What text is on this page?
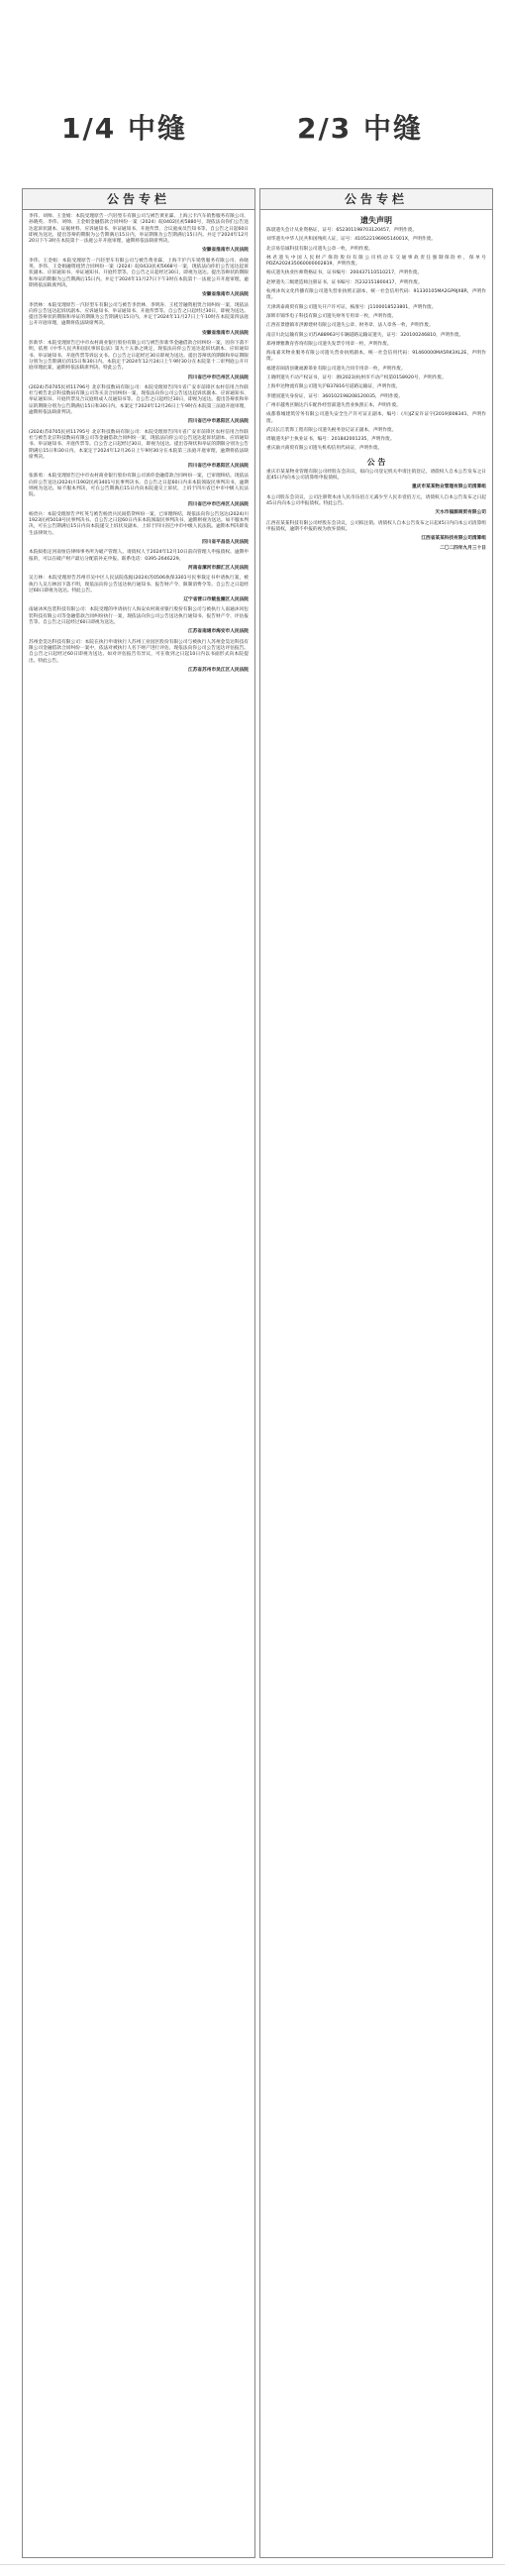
1/4 中缝	2/3 中缝
公告专栏
李伟、刘帅、王金娟：本院受理原告一汽轻型车有限公司与被告黄亚霖、上海云卡汽车销售服务有限公司、孙晓英、李伟、刘帅、王金娟金融借款合同纠纷一案（2024）皖0402民初5880号，现依法向你们公告送达起诉状副本、证据材料、应诉通知书、举证通知书、开庭传票、合议庭成员告知书等。自公告之日起60日即视为送达，提出答辩的期限为公告期满后15日内，举证期限为公告期满后15日内。并定于2024年12月20日下午3时在本院第十一法庭公开开庭审理，逾期将依法缺席判决。
安徽省淮南市人民法院
李伟、王金娟：本院受理原告一汽轻型车有限公司与被告黄亚霖、上海千沪汽车销售服务有限公司、孙晓英、李伟、王金娟融资租赁合同纠纷一案（2024）皖0433民初5668号一案，现依法向你们公告送达起诉状副本、应诉通知书、举证通知书、开庭传票等。自公告之日起经过30日，即视为送达。提出答辩状的期限和举证的期限为公告期满后15日内。并定于2024年11月27日下午3时在本院第十一法庭公开开庭审理，逾期将依法缺席判决。
安徽省淮南市人民法院
李贵林：本院受理原告一汽轻型车有限公司与被告李贵林、李明涛、王桂芳融资租赁合同纠纷一案，现依法向你公告送达起诉状副本、应诉通知书、举证通知书、开庭传票等。自公告之日起经过30日，即视为送达。提出答辩状的期限和举证的期限为公告期满后15日内。并定于2024年11月27日上午10时在本院第四法庭公开开庭审理，逾期将依法缺席判决。
安徽省淮南市人民法院
彭新华：本院受理原告巴中市农村商业银行股份有限公司与被告彭新华金融借款合同纠纷一案，因你下落不明，依照《中华人民共和国民事诉讼法》第九十五条之规定，现依法向你公告送达起诉状副本、应诉通知书、举证通知书、开庭传票等诉讼文书。自公告之日起经过30日即视为送达。提出答辩状的期限和举证期限分别为公告期满后的15日和30日内。本院定于2024年12月24日上午9时30分在本院第十二审判庭公开开庭审理此案，逾期将依法缺席判决。特此公告。
四川省巴中市巴州区人民法院
(2024)苏0705民初11796号 北京科技数码有限公司：本院受理原告四川省广安市前锋区农村信用合作联社与被告北京科技数码有限公司等买卖合同纠纷一案，现依法向你公司公告送达起诉状副本、应诉通知书、举证通知书、开庭传票及合议庭组成人员通知书等。自公告之日起经过30日，即视为送达。提出答辩状和举证的期限分别为公告期满后15日和30日内。本案定于2024年12月26日上午9时在本院第三法庭开庭审理，逾期将依法缺席判决。
四川省巴中市恩阳区人民法院
(2024)苏0705民初11795号 北京科技数码有限公司：本院受理原告四川省广安市前锋区农村信用合作联社与被告北京科技数码有限公司等金融借款合同纠纷一案，现依法向你公司公告送达起诉状副本、应诉通知书、举证通知书、开庭传票等。自公告之日起经过30日，即视为送达。提出答辩状和举证的期限分别为公告期满后15日和30日内。本案定于2024年12月26日上午9时30分在本院第三法庭开庭审理，逾期将依法缺席判决。
四川省巴中市恩阳区人民法院
张新勇：本院受理原告巴中市农村商业银行股份有限公司诉你金融借款合同纠纷一案，已审理终结。现依法向你公告送达(2024)川1902民初3401号民事判决书。自公告之日起60日内来本院领取民事判决书，逾期则视为送达。如不服本判决，可在公告期满后15日内向本院递交上诉状，上诉于四川省巴中市中级人民法院。
四川省巴中市巴州区人民法院
杨贵兵：本院受理原告尹红英与被告杨贵兵民间借贷纠纷一案，已审理终结，现依法向你公告送达(2024)川1923民初5018号民事判决书。自公告之日起60日内来本院领取民事判决书，逾期则视为送达。如不服本判决，可在公告期满后15日内向本院递交上诉状及副本，上诉于四川省巴中市中级人民法院。逾期本判决即发生法律效力。
四川省平昌县人民法院
本院拟指定河南恒信律师事务所为破产管理人。请债权人于2024年12月10日前向管理人申报债权。逾期申报的，可以在破产财产最后分配前补充申报。联系电话：0395-2646229。
河南省漯河市源汇区人民法院
吴万林：本院受理原告苏州市吴中区人民法院依据(2024)苏0506执保3301号民事裁定书申请执行案，被执行人吴万林因下落不明，现依法向你公告送达执行通知书、报告财产令、限制消费令等。自公告之日起经过60日即视为送达。特此公告。
辽宁省营口市鲅鱼圈区人民法院
南通沐风包装科技有限公司：本院受理的申请执行人海安农村商业银行股份有限公司与被执行人南通沐风包装科技有限公司等金融借款合同纠纷执行一案，现依法向你公司公告送达执行通知书、报告财产令、评估报告等。自公告之日起经过60日即视为送达。
江苏省南通市海安市人民法院
苏州金昊达科技有限公司：本院在执行申请执行人苏州工业园区股份有限公司与被执行人苏州金昊达科技有限公司金融借款合同纠纷一案中，依法对被执行人名下财产进行评估，现依法向你公司公告送达评估报告。自公告之日起经过60日即视为送达。如对评估报告有异议，可在收到之日起10日内以书面形式向本院提出。特此公告。
江苏省苏州市吴江区人民法院
公告专栏
遗失声明
陈晨遗失会计从业资格证，证号：652301198703120457，声明作废。
刘华遗失中华人民共和国残疾人证，证号：41052219690514001X，声明作废。
北京易信诚科技有限公司遗失公章一枚，声明作废。
林君遗失中国人民财产保险股份有限公司机动车交通事故责任强制保险单，保单号PDZA202435060000002819，声明作废。
杨庆遗失执业医师资格证书，证书编号：200437110510217，声明作废。
赵婷遗失二级建造师注册证书，证书编号：苏232151800417，声明作废。
杭州沐岚文化传播有限公司遗失营业执照正副本，统一社会信用代码：91330105MA2GP9JX8R，声明作废。
天津鸿泰商贸有限公司遗失开户许可证，核准号：J1100018523801，声明作废。
深圳市锦华电子科技有限公司遗失财务专用章一枚，声明作废。
江西省景德镇市洪源建材有限公司遗失公章、财务章、法人章各一枚，声明作废。
南京川北运输有限公司苏A88963号车辆道路运输证遗失，证号：320100246810，声明作废。
郑州博雅教育咨询有限公司遗失发票专用章一枚，声明作废。
海南嘉禾物业服务有限公司遗失营业执照副本，统一社会信用代码：91460000MA5RK3XL2E，声明作废。
福建省闽清县聚福源茶业有限公司遗失合同专用章一枚，声明作废。
王晓明遗失不动产权证书，证号：浙(2023)杭州市不动产权第0158920号，声明作废。
上海申达物流有限公司遗失沪B37816号道路运输证，声明作废。
李建国遗失身份证，证号：360102198208120035，声明作废。
广州市越秀区顺达汽车配件经营部遗失营业执照正本，声明作废。
成都蓉城建筑劳务有限公司遗失安全生产许可证正副本，编号：(川)JZ安许证字[2019]008341，声明作废。
武汉长江装饰工程有限公司遗失税务登记证正副本，声明作废。
周敏遗失护士执业证书，编号：201842001235，声明作废。
重庆渝兴商贸有限公司遗失机构信用代码证，声明作废。
公 告
重庆市某某物业管理有限公司经股东会决议，拟向公司登记机关申请注销登记，请债权人自本公告发布之日起45日内向本公司清算组申报债权。
重庆市某某物业管理有限公司清算组
本公司股东会决议，公司注册资本由人民币伍佰万元减少至人民币壹佰万元，请债权人自本公告发布之日起45日内向本公司申报债权。特此公告。
天水市福源商贸有限公司
江西省某某科技有限公司经股东会决议，公司拟注销。请债权人自本公告发布之日起45日内向本公司清算组申报债权，逾期不申报的视为放弃债权。
江西省某某科技有限公司清算组
二〇二四年九月三十日
